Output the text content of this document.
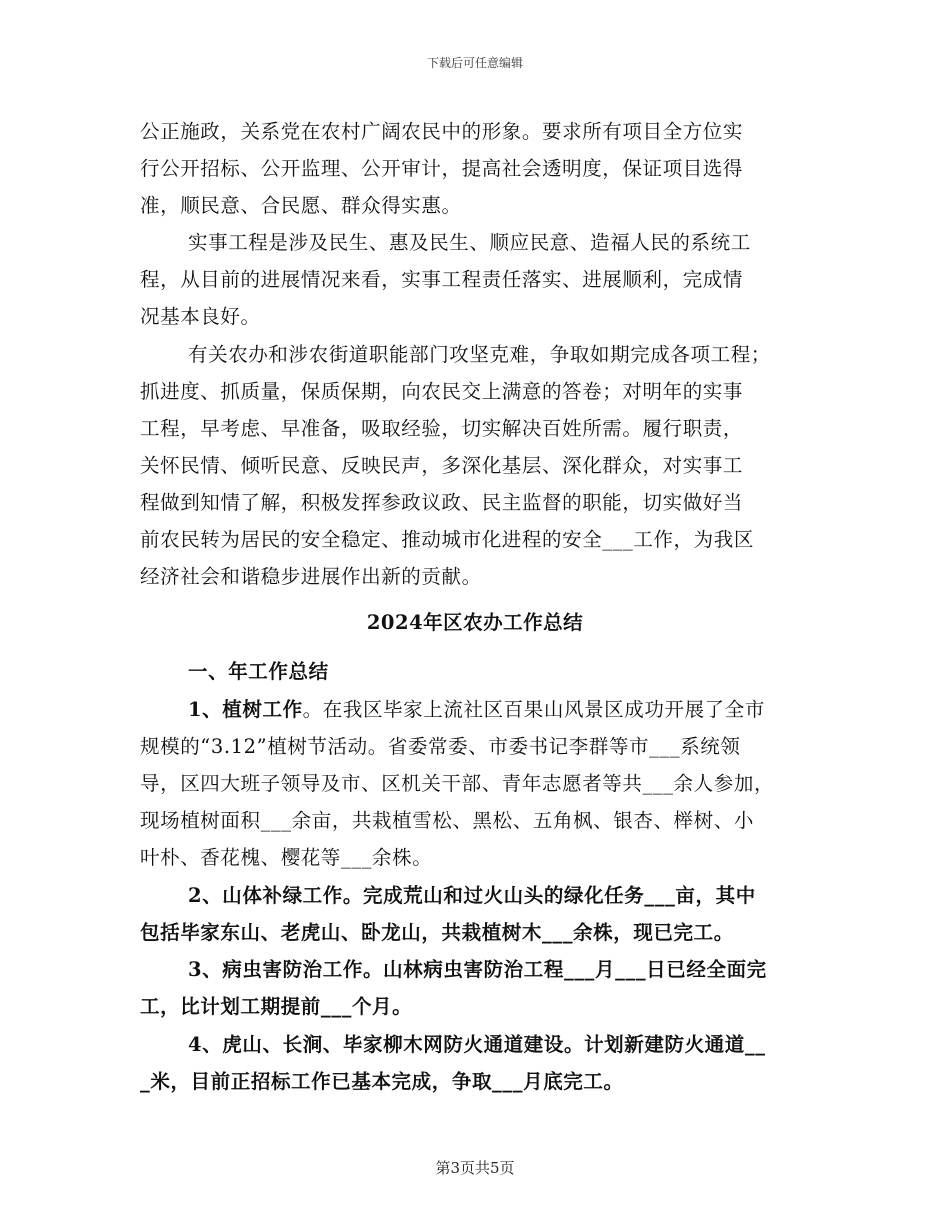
下载后可任意编辑
公正施政，关系党在农村广阔农民中的形象。要求所有项目全方位实
行公开招标、公开监理、公开审计，提高社会透明度，保证项目选得
准，顺民意、合民愿、群众得实惠。
实事工程是涉及民生、惠及民生、顺应民意、造福人民的系统工
程，从目前的进展情况来看，实事工程责任落实、进展顺利，完成情
况基本良好。
有关农办和涉农街道职能部门攻坚克难，争取如期完成各项工程；
抓进度、抓质量，保质保期，向农民交上满意的答卷；对明年的实事
工程，早考虑、早准备，吸取经验，切实解决百姓所需。履行职责，
关怀民情、倾听民意、反映民声，多深化基层、深化群众，对实事工
程做到知情了解，积极发挥参政议政、民主监督的职能，切实做好当
前农民转为居民的安全稳定、推动城市化进程的安全___工作，为我区
经济社会和谐稳步进展作出新的贡献。
2024年区农办工作总结
一、年工作总结
1、植树工作。在我区毕家上流社区百果山风景区成功开展了全市
规模的“3.12”植树节活动。省委常委、市委书记李群等市___系统领
导，区四大班子领导及市、区机关干部、青年志愿者等共___余人参加，
现场植树面积___余亩，共栽植雪松、黑松、五角枫、银杏、榉树、小
叶朴、香花槐、樱花等___余株。
2、山体补绿工作。完成荒山和过火山头的绿化任务___亩，其中
包括毕家东山、老虎山、卧龙山，共栽植树木___余株，现已完工。
3、病虫害防治工作。山林病虫害防治工程___月___日已经全面完
工，比计划工期提前___个月。
4、虎山、长涧、毕家柳木网防火通道建设。计划新建防火通道__
_米，目前正招标工作已基本完成，争取___月底完工。
第3页共5页
